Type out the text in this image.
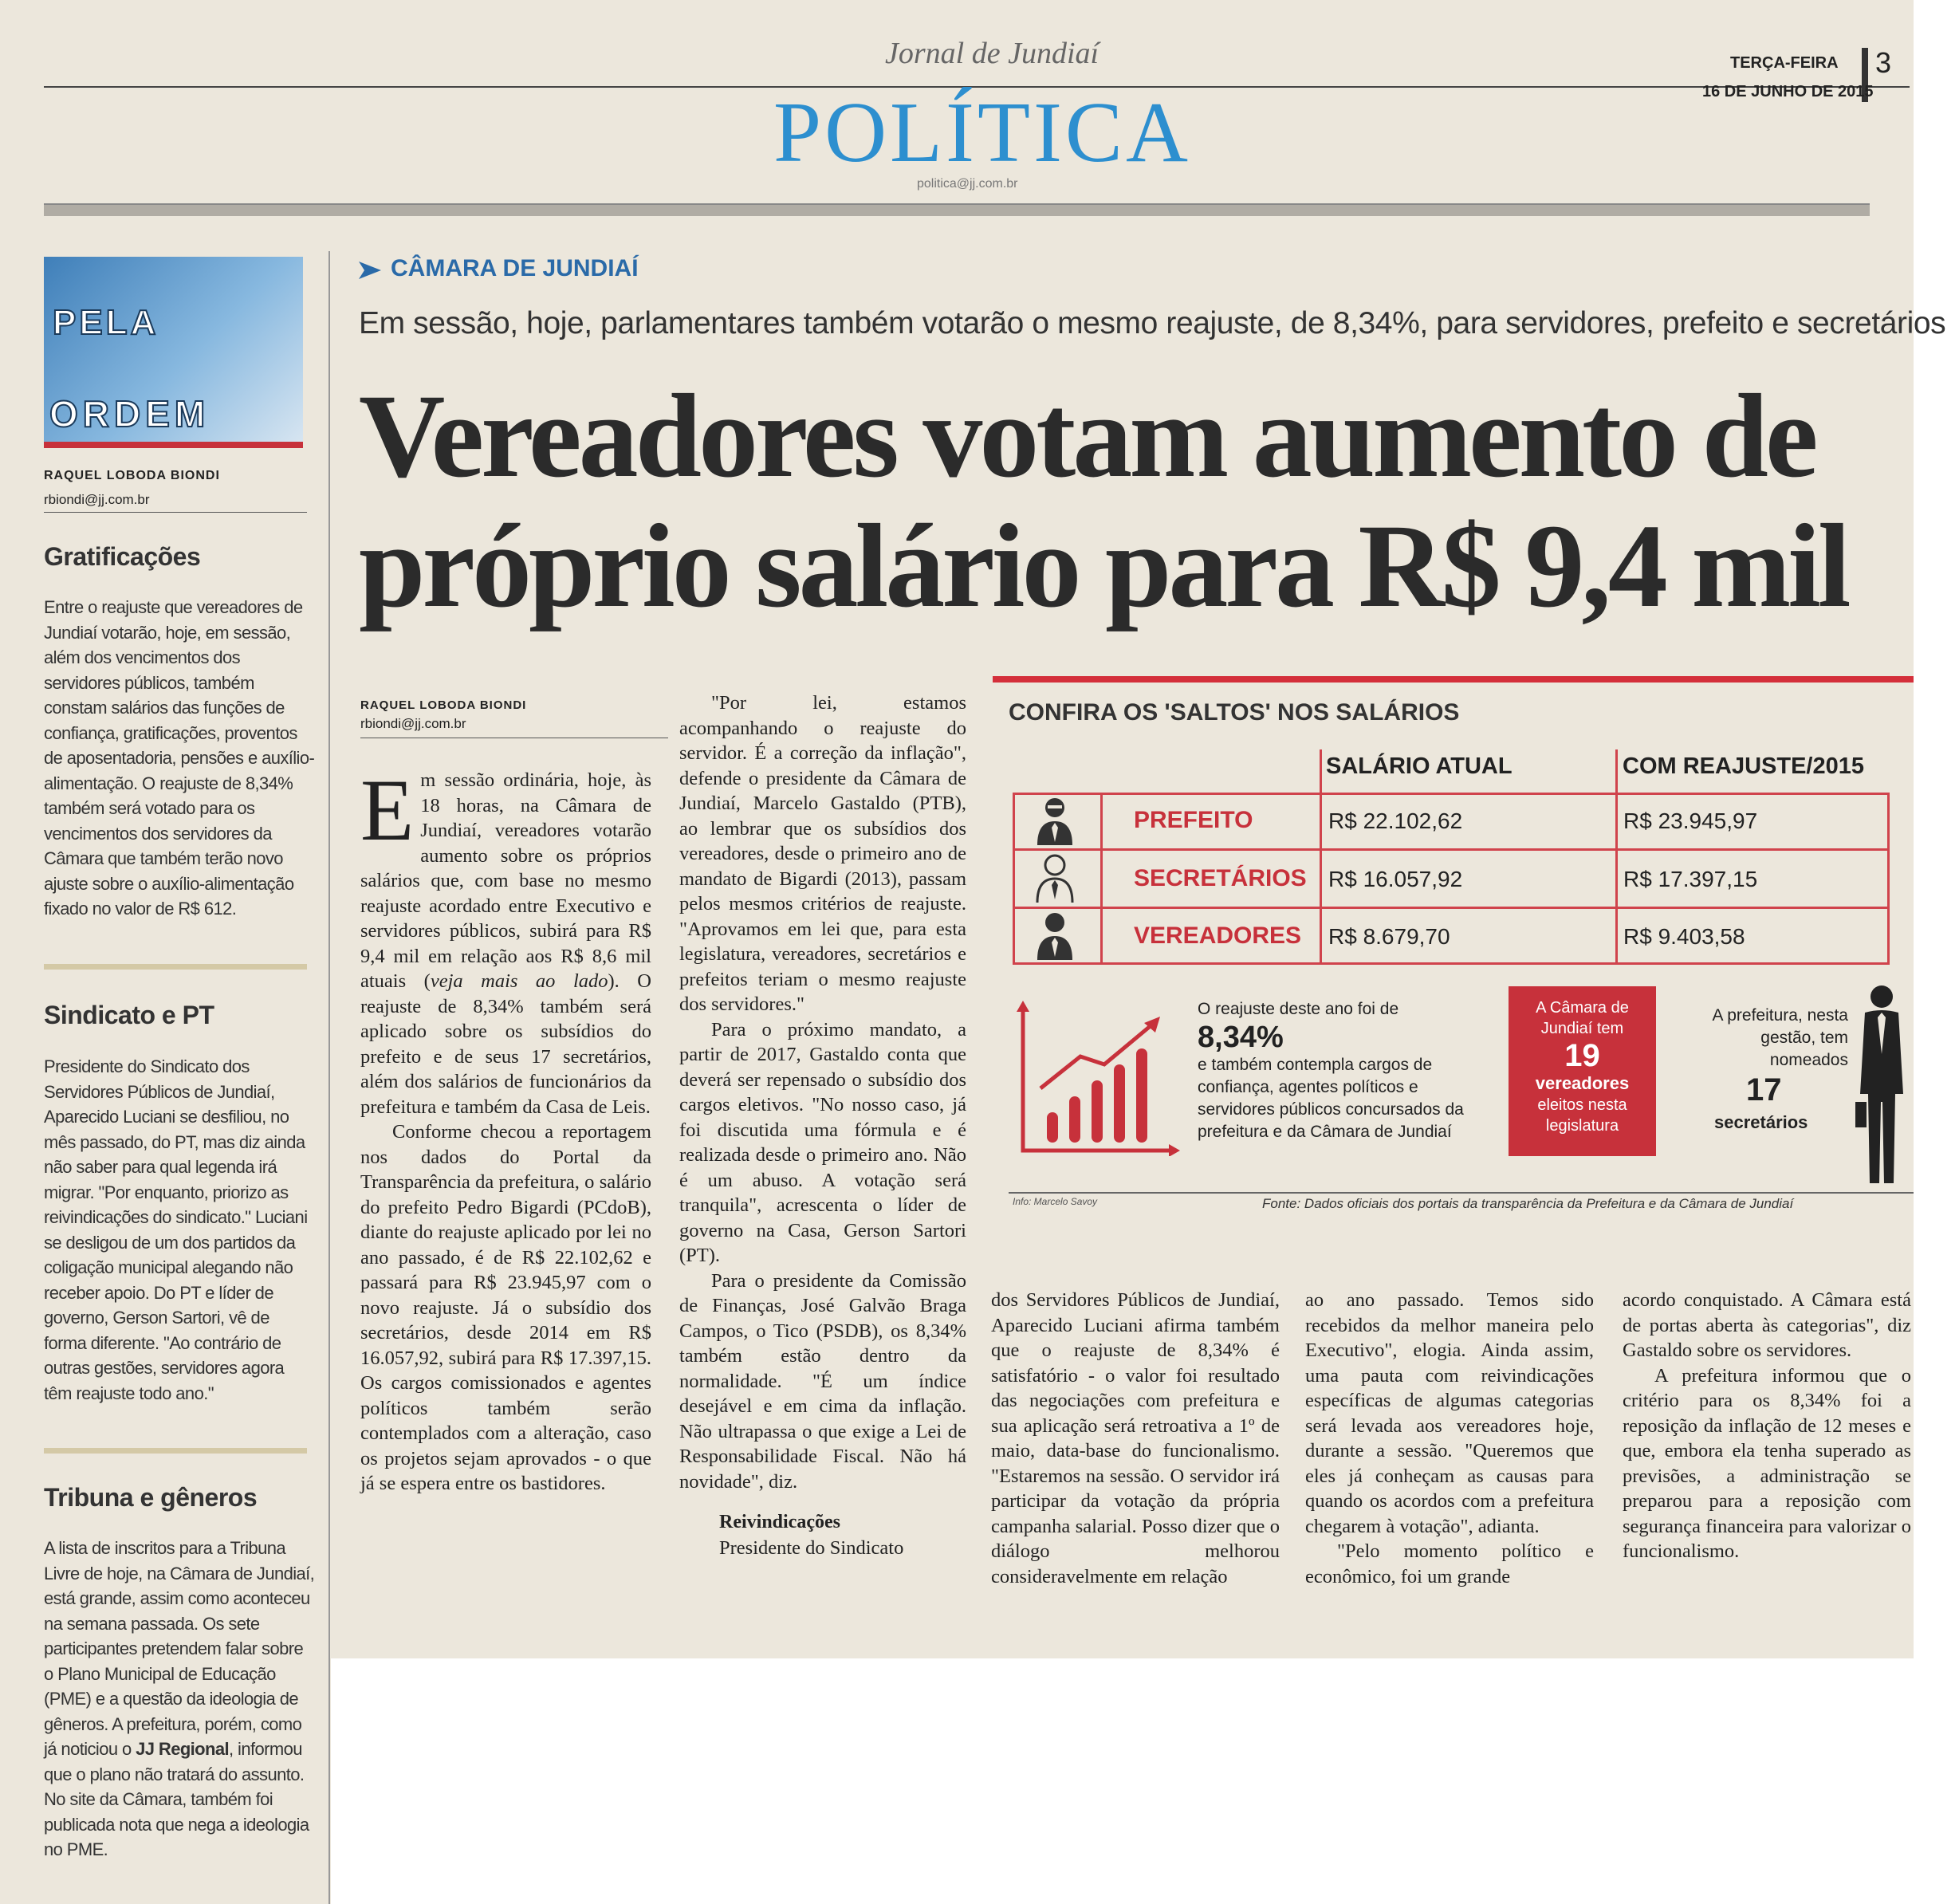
Jornal de Jundiaí	TERÇA-FEIRA 3
16 DE JUNHO DE 2015
POLÍTICA
politica@jj.com.br
PELA
ORDEM
RAQUEL LOBODA BIONDI
rbiondi@jj.com.br
Gratificações
Entre o reajuste que vereadores de Jundiaí votarão, hoje, em sessão, além dos vencimentos dos servidores públicos, também constam salários das funções de confiança, gratificações, proventos de aposentadoria, pensões e auxílio-alimentação. O reajuste de 8,34% também será votado para os vencimentos dos servidores da Câmara que também terão novo ajuste sobre o auxílio-alimentação fixado no valor de R$ 612.
Sindicato e PT
Presidente do Sindicato dos Servidores Públicos de Jundiaí, Aparecido Luciani se desfiliou, no mês passado, do PT, mas diz ainda não saber para qual legenda irá migrar. "Por enquanto, priorizo as reivindicações do sindicato." Luciani se desligou de um dos partidos da coligação municipal alegando não receber apoio. Do PT e líder de governo, Gerson Sartori, vê de forma diferente. "Ao contrário de outras gestões, servidores agora têm reajuste todo ano."
Tribuna e gêneros
A lista de inscritos para a Tribuna Livre de hoje, na Câmara de Jundiaí, está grande, assim como aconteceu na semana passada. Os sete participantes pretendem falar sobre o Plano Municipal de Educação (PME) e a questão da ideologia de gêneros. A prefeitura, porém, como já noticiou o JJ Regional, informou que o plano não tratará do assunto. No site da Câmara, também foi publicada nota que nega a ideologia no PME.
CÂMARA DE JUNDIAÍ
Em sessão, hoje, parlamentares também votarão o mesmo reajuste, de 8,34%, para servidores, prefeito e secretários
Vereadores votam aumento de
próprio salário para R$ 9,4 mil
RAQUEL LOBODA BIONDI
rbiondi@jj.com.br
Em sessão ordinária, hoje, às 18 horas, na Câmara de Jundiaí, vereadores votarão aumento sobre os próprios salários que, com base no mesmo reajuste acordado entre Executivo e servidores públicos, subirá para R$ 9,4 mil em relação aos R$ 8,6 mil atuais (veja mais ao lado). O reajuste de 8,34% também será aplicado sobre os subsídios do prefeito e de seus 17 secretários, além dos salários de funcionários da prefeitura e também da Casa de Leis.
Conforme checou a reportagem nos dados do Portal da Transparência da prefeitura, o salário do prefeito Pedro Bigardi (PCdoB), diante do reajuste aplicado por lei no ano passado, é de R$ 22.102,62 e passará para R$ 23.945,97 com o novo reajuste. Já o subsídio dos secretários, desde 2014 em R$ 16.057,92, subirá para R$ 17.397,15. Os cargos comissionados e agentes políticos também serão contemplados com a alteração, caso os projetos sejam aprovados - o que já se espera entre os bastidores.
"Por lei, estamos acompanhando o reajuste do servidor. É a correção da inflação", defende o presidente da Câmara de Jundiaí, Marcelo Gastaldo (PTB), ao lembrar que os subsídios dos vereadores, desde o primeiro ano de mandato de Bigardi (2013), passam pelos mesmos critérios de reajuste. "Aprovamos em lei que, para esta legislatura, vereadores, secretários e prefeitos teriam o mesmo reajuste dos servidores."
Para o próximo mandato, a partir de 2017, Gastaldo conta que deverá ser repensado o subsídio dos cargos eletivos. "No nosso caso, já foi discutida uma fórmula e é realizada desde o primeiro ano. Não é um abuso. A votação será tranquila", acrescenta o líder de governo na Casa, Gerson Sartori (PT).
Para o presidente da Comissão de Finanças, José Galvão Braga Campos, o Tico (PSDB), os 8,34% também estão dentro da normalidade. "É um índice desejável e em cima da inflação. Não ultrapassa o que exige a Lei de Responsabilidade Fiscal. Não há novidade", diz.
Reivindicações
Presidente do Sindicato
dos Servidores Públicos de Jundiaí, Aparecido Luciani afirma também que o reajuste de 8,34% é satisfatório - o valor foi resultado das negociações com prefeitura e sua aplicação será retroativa a 1º de maio, data-base do funcionalismo. "Estaremos na sessão. O servidor irá participar da votação da própria campanha salarial. Posso dizer que o diálogo melhorou consideravelmente em relação
ao ano passado. Temos sido recebidos da melhor maneira pelo Executivo", elogia. Ainda assim, uma pauta com reivindicações específicas de algumas categorias será levada aos vereadores hoje, durante a sessão. "Queremos que eles já conheçam as causas para quando os acordos com a prefeitura chegarem à votação", adianta.
"Pelo momento político e econômico, foi um grande
acordo conquistado. A Câmara está de portas aberta às categorias", diz Gastaldo sobre os servidores.
A prefeitura informou que o critério para os 8,34% foi a reposição da inflação de 12 meses e que, embora ela tenha superado as previsões, a administração se preparou para a reposição com segurança financeira para valorizar o funcionalismo.
CONFIRA OS 'SALTOS' NOS SALÁRIOS
SALÁRIO ATUAL	COM REAJUSTE/2015
PREFEITO	R$ 22.102,62	R$ 23.945,97
SECRETÁRIOS R$ 16.057,92	R$ 17.397,15
VEREADORES R$ 8.679,70	R$ 9.403,58
O reajuste deste ano foi de
8,34%
e também contempla cargos de confiança, agentes políticos e servidores públicos concursados da prefeitura e da Câmara de Jundiaí
A Câmara de
Jundiaí tem
19
vereadores
eleitos nesta
legislatura
A prefeitura, nesta gestão, tem nomeados
17
secretários
Info: Marcelo Savoy	Fonte: Dados oficiais dos portais da transparência da Prefeitura e da Câmara de Jundiaí
